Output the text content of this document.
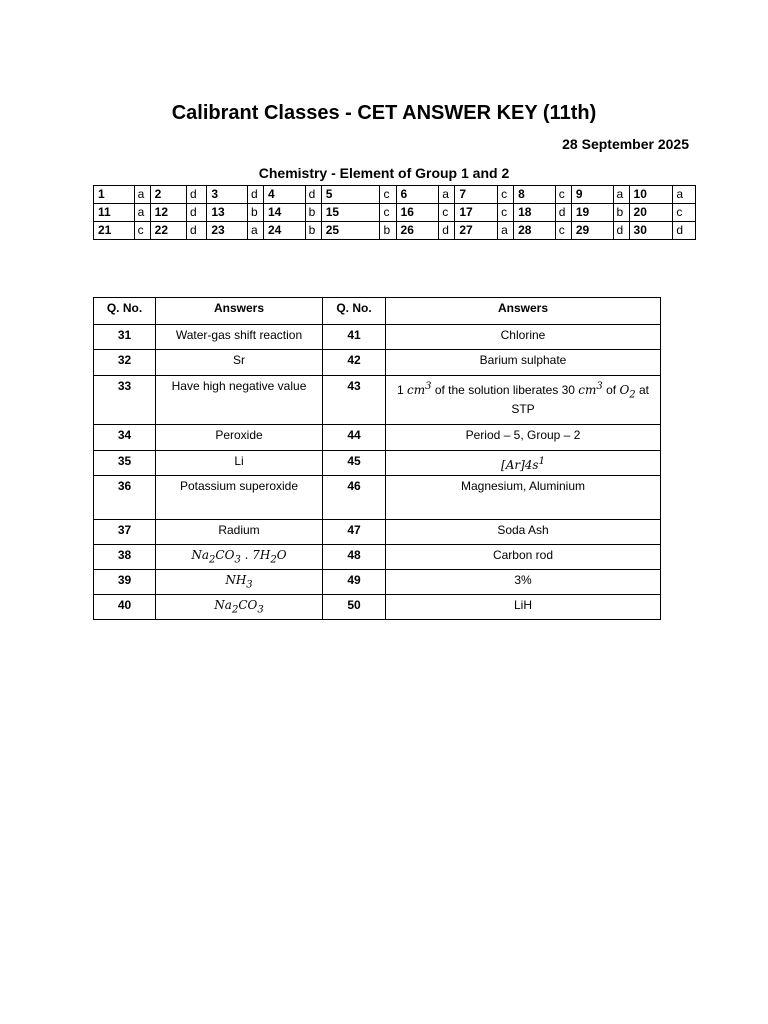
Calibrant Classes - CET ANSWER KEY (11th)
28 September 2025
Chemistry - Element of Group 1 and 2
1	a	2	d	3	d	4	d	5	c	6	a	7	c	8	c	9	a	10	a
11	a	12	d	13	b	14	b	15	c	16	c	17	c	18	d	19	b	20	c
21	c	22	d	23	a	24	b	25	b	26	d	27	a	28	c	29	d	30	d
Q. No.	Answers	Q. No.	Answers
31	Water-gas shift reaction	41	Chlorine
32	Sr	42	Barium sulphate
33	Have high negative value	43	1 $cm^3$ of the solution liberates 30 $cm^3$ of $O_2$ at STP
34	Peroxide	44	Period – 5, Group – 2
35	Li	45	$[Ar]4s^1$
36	Potassium superoxide	46	Magnesium, Aluminium
37	Radium	47	Soda Ash
38	$Na_2CO_3$ . $7H_2O$	48	Carbon rod
39	$NH_3$	49	3%
40	$Na_2CO_3$	50	LiH
